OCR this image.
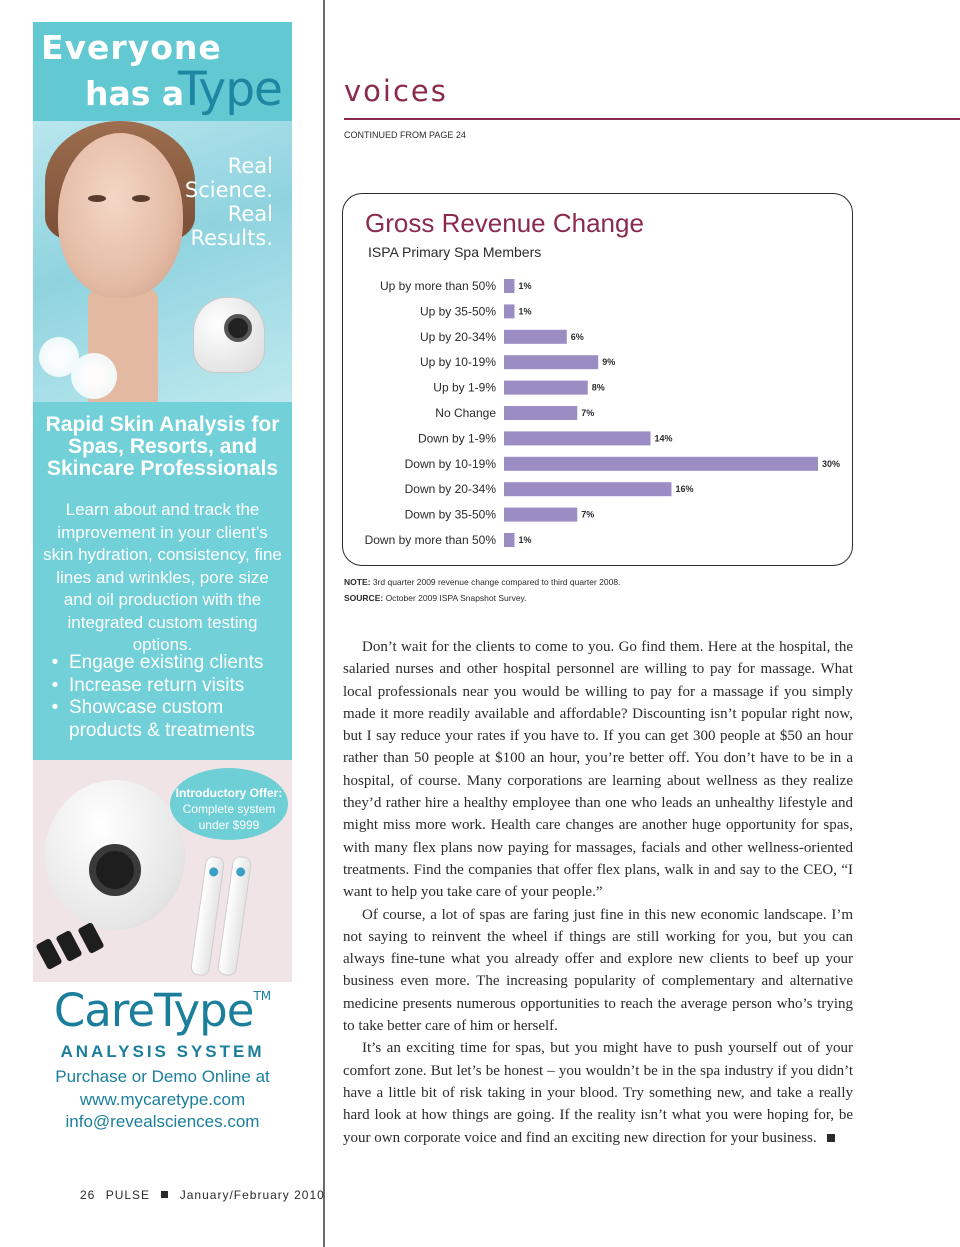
Everyone
has a
Type
Real Science. Real Results.
Rapid Skin Analysis for Spas, Resorts, and Skincare Professionals
Learn about and track the improvement in your client’s skin hydration, consistency, fine lines and wrinkles, pore size and oil production with the integrated custom testing options.
• Engage existing clients
• Increase return visits
• Showcase custom products & treatments
Introductory Offer:
Complete system under $999
CareType™
ANALYSIS SYSTEM
Purchase or Demo Online at
www.mycaretype.com
info@revealsciences.com
26 PULSE January/February 2010
voices
CONTINUED FROM PAGE 24
Gross Revenue Change
ISPA Primary Spa Members
Up by more than 50% 1%
Up by 35-50% 1%
Up by 20-34%	6%
Up by 10-19%	9%
Up by 1-9%	8%
No Change	7%
Down by 1-9%	14%
Down by 10-19%	30%
Down by 20-34%	16%
Down by 35-50%	7%
Down by more than 50% 1%
NOTE: 3rd quarter 2009 revenue change compared to third quarter 2008.
SOURCE: October 2009 ISPA Snapshot Survey.

Don’t wait for the clients to come to you. Go find them. Here at the hospital, the salaried nurses and other hospital personnel are willing to pay for massage. What local professionals near you would be willing to pay for a massage if you simply made it more readily available and affordable? Discounting isn’t popular right now, but I say reduce your rates if you have to. If you can get 300 people at $50 an hour rather than 50 people at $100 an hour, you’re better off. You don’t have to be in a hospital, of course. Many corporations are learning about wellness as they realize they’d rather hire a healthy employee than one who leads an unhealthy lifestyle and might miss more work. Health care changes are another huge opportunity for spas, with many flex plans now paying for massages, facials and other wellness-oriented treatments. Find the companies that offer flex plans, walk in and say to the CEO, “I want to help you take care of your people.”

Of course, a lot of spas are faring just fine in this new economic landscape. I’m not saying to reinvent the wheel if things are still working for you, but you can always fine-tune what you already offer and explore new clients to beef up your business even more. The increasing popularity of complementary and alternative medicine presents numerous opportunities to reach the average person who’s trying to take better care of him or herself.

It’s an exciting time for spas, but you might have to push yourself out of your comfort zone. But let’s be honest – you wouldn’t be in the spa industry if you didn’t have a little bit of risk taking in your blood. Try something new, and take a really hard look at how things are going. If the reality isn’t what you were hoping for, be your own corporate voice and find an exciting new direction for your business.
